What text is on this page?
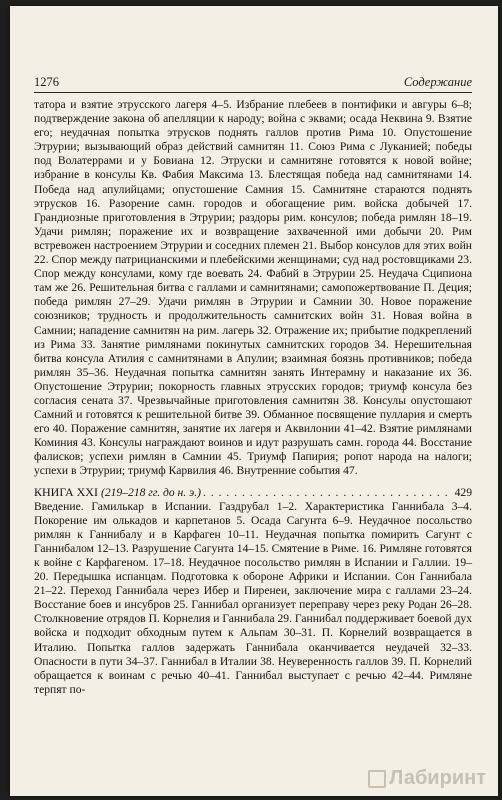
1276	Содержание

татора и взятие этрусского лагеря 4–5. Избрание плебеев в понтифики и авгуры 6–8; подтверждение закона об апелляции к народу; война с эквами; осада Неквина 9. Взятие его; неудачная попытка этрусков поднять галлов против Рима 10. Опустошение Этрурии; вызывающий образ действий самнитян 11. Союз Рима с Луканией; победы под Волатеррами и у Бовиана 12. Этруски и самнитяне готовятся к новой войне; избрание в консулы Кв. Фабия Максима 13. Блестящая победа над самнитянами 14. Победа над апулийцами; опустошение Самния 15. Самнитяне стараются поднять этрусков 16. Разорение самн. городов и обогащение рим. войска добычей 17. Грандиозные приготовления в Этрурии; раздоры рим. консулов; победа римлян 18–19. Удачи римлян; поражение их и возвращение захваченной ими добычи 20. Рим встревожен настроением Этрурии и соседних племен 21. Выбор консулов для этих войн 22. Спор между патрицианскими и плебейскими женщинами; суд над ростовщиками 23. Спор между консулами, кому где воевать 24. Фабий в Этрурии 25. Неудача Сципиона там же 26. Решительная битва с галлами и самнитянами; самопожертвование П. Деция; победа римлян 27–29. Удачи римлян в Этрурии и Самнии 30. Новое поражение союзников; трудность и продолжительность самнитских войн 31. Новая война в Самнии; нападение самнитян на рим. лагерь 32. Отражение их; прибытие подкреплений из Рима 33. Занятие римлянами покинутых самнитских городов 34. Нерешительная битва консула Атилия с самнитянами в Апулии; взаимная боязнь противников; победа римлян 35–36. Неудачная попытка самнитян занять Интерамну и наказание их 36. Опустошение Этрурии; покорность главных этрусских городов; триумф консула без согласия сената 37. Чрезвычайные приготовления самнитян 38. Консулы опустошают Самний и готовятся к решительной битве 39. Обманное посвящение пуллария и смерть его 40. Поражение самнитян, занятие их лагеря и Аквилонии 41–42. Взятие римлянами Коминия 43. Консулы награждают воинов и идут разрушать самн. города 44. Восстание фалисков; успехи римлян в Самнии 45. Триумф Папирия; ропот народа на налоги; успехи в Этрурии; триумф Карвилия 46. Внутренние события 47.

КНИГА XXI (219–218 гг. до н. э.)
. . .	429

Введение. Гамилькар в Испании. Газдрубал 1–2. Характеристика Ганнибала 3–4. Покорение им олькадов и карпетанов 5. Осада Сагунта 6–9. Неудачное посольство римлян к Ганнибалу и в Карфаген 10–11. Неудачная попытка помирить Сагунт с Ганнибалом 12–13. Разрушение Сагунта 14–15. Смятение в Риме. 16. Римляне готовятся к войне с Карфагеном. 17–18. Неудачное посольство римлян в Испании и Галлии. 19–20. Передышка испанцам. Подготовка к обороне Африки и Испании. Сон Ганнибала 21–22. Переход Ганнибала через Ибер и Пиренеи, заключение мира с галлами 23–24. Восстание боев и инсубров 25. Ганнибал организует переправу через реку Родан 26–28. Столкновение отрядов П. Корнелия и Ганнибала 29. Ганнибал поддерживает боевой дух войска и подходит обходным путем к Альпам 30–31. П. Корнелий возвращается в Италию. Попытка галлов задержать Ганнибала оканчивается неудачей 32–33. Опасности в пути 34–37. Ганнибал в Италии 38. Неуверенность галлов 39. П. Корнелий обращается к воинам с речью 40–41. Ганнибал выступает с речью 42–44. Римляне терпят по-

Лабиринт
